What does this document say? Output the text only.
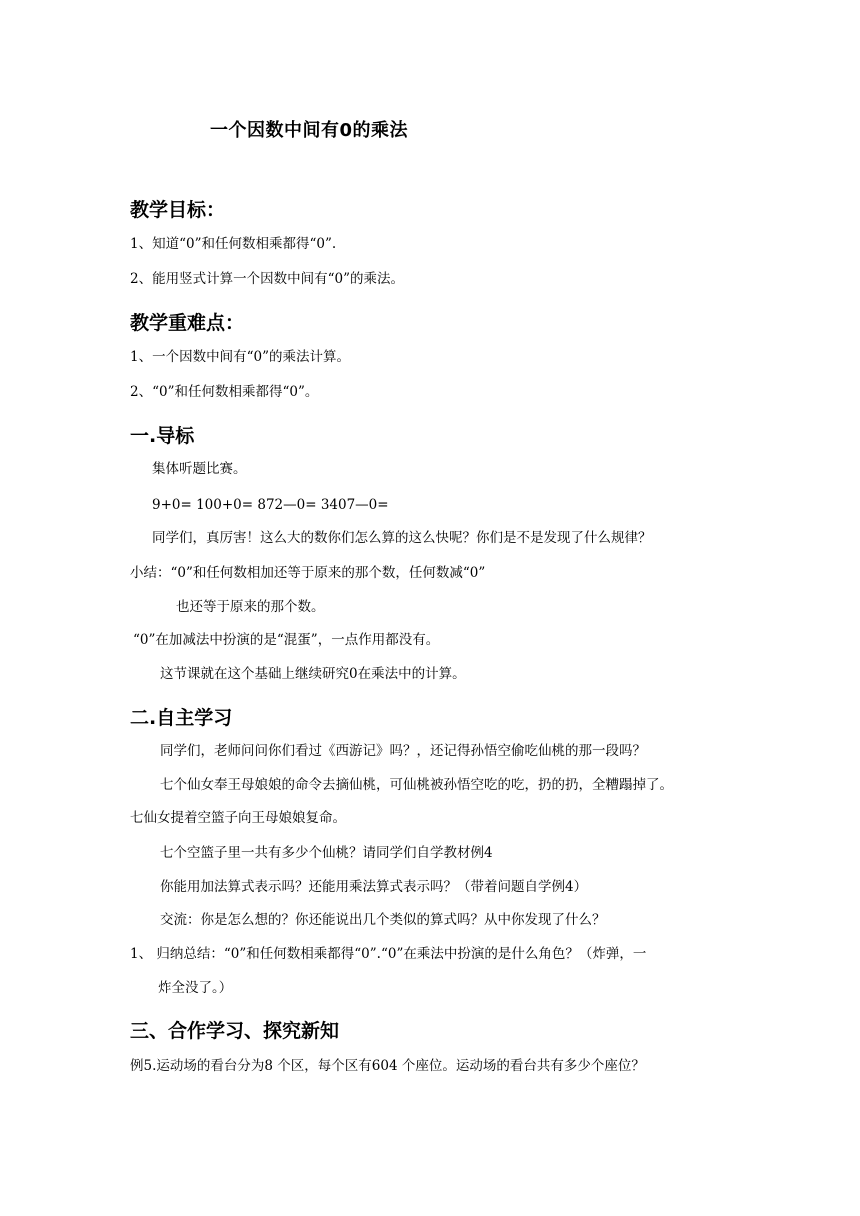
一个因数中间有0的乘法
教学目标：
1、知道“0”和任何数相乘都得“0”.
2、能用竖式计算一个因数中间有“0”的乘法。
教学重难点：
1、一个因数中间有“0”的乘法计算。
2、“0”和任何数相乘都得“0”。
一.导标
集体听题比赛。
9+0= 100+0= 872—0= 3407—0=
同学们，真厉害！这么大的数你们怎么算的这么快呢？你们是不是发现了什么规律？
小结：“0”和任何数相加还等于原来的那个数，任何数减“0”
也还等于原来的那个数。
“0”在加减法中扮演的是“混蛋”，一点作用都没有。
这节课就在这个基础上继续研究0在乘法中的计算。
二.自主学习
同学们，老师问问你们看过《西游记》吗？，还记得孙悟空偷吃仙桃的那一段吗？
七个仙女奉王母娘娘的命令去摘仙桃，可仙桃被孙悟空吃的吃，扔的扔，全糟蹋掉了。
七仙女提着空篮子向王母娘娘复命。
七个空篮子里一共有多少个仙桃？请同学们自学教材例4
你能用加法算式表示吗？还能用乘法算式表示吗？（带着问题自学例4）
交流：你是怎么想的？你还能说出几个类似的算式吗？从中你发现了什么？
1、 归纳总结：“0”和任何数相乘都得“0”.“0”在乘法中扮演的是什么角色？（炸弹，一
炸全没了。）
三、合作学习、探究新知
例5.运动场的看台分为8 个区，每个区有604 个座位。运动场的看台共有多少个座位？
